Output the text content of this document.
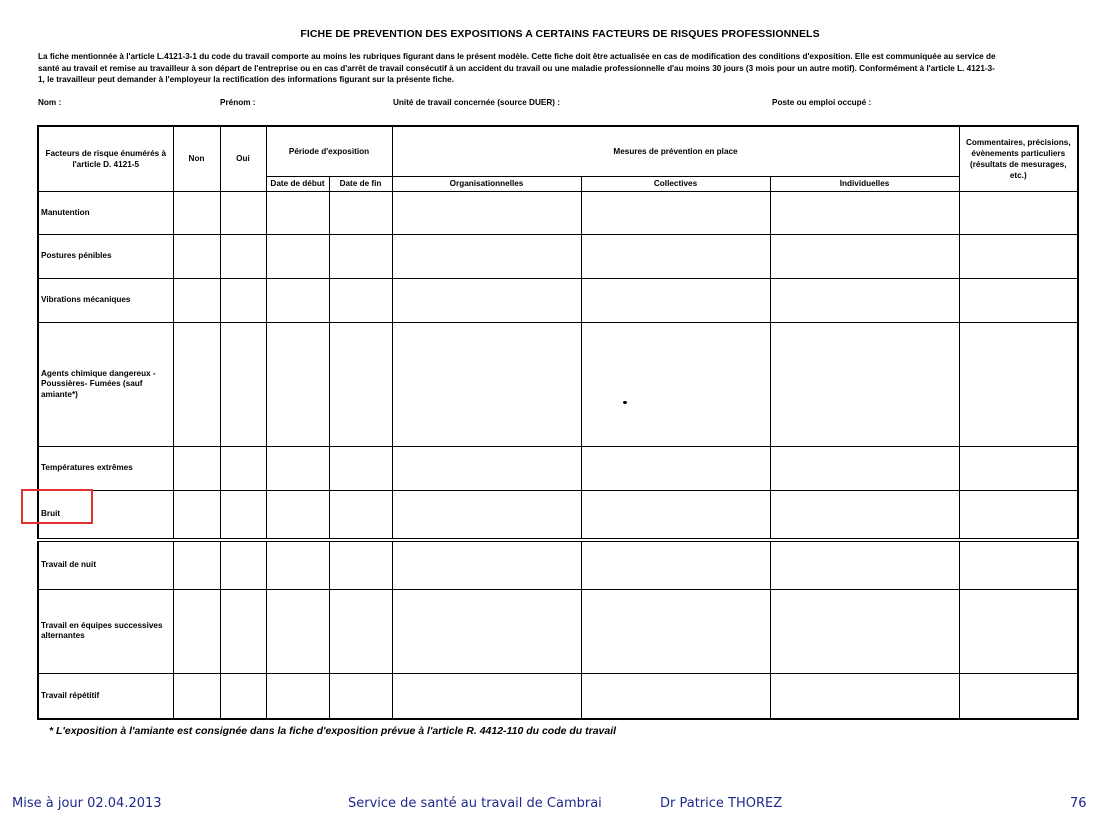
FICHE DE PREVENTION DES EXPOSITIONS A CERTAINS FACTEURS DE RISQUES PROFESSIONNELS
La fiche mentionnée à l'article L.4121-3-1 du code du travail comporte au moins les rubriques figurant dans le présent modèle. Cette fiche doit être actualisée en cas de modification des conditions d'exposition. Elle est communiquée au service de
santé au travail et remise au travailleur à son départ de l'entreprise ou en cas d'arrêt de travail consécutif à un accident du travail ou une maladie professionnelle d'au moins 30 jours (3 mois pour un autre motif). Conformément à l'article L. 4121-3-
1, le travailleur peut demander à l'employeur la rectification des informations figurant sur la présente fiche.
Nom :	Prénom :	Unité de travail concernée (source DUER) :	Poste ou emploi occupé :
Facteurs de risque énumérés à l'article D. 4121-5	Non	Oui	Période d'exposition		Mesures de prévention en place			Commentaires, précisions, évènements particuliers (résultats de mesurages, etc.)
			Date de début	Date de fin	Organisationnelles	Collectives	Individuelles	
Manutention								
Postures pénibles								
Vibrations mécaniques								
Agents chimique dangereux - Poussières- Fumées (sauf amiante*)								
Températures extrêmes								
Bruit								
Travail de nuit								
Travail en équipes successives alternantes								
Travail répétitif								
* L'exposition à l'amiante est consignée dans la fiche d'exposition prévue à l'article R. 4412-110 du code du travail
Mise à jour 02.04.2013	Service de santé au travail de Cambrai	Dr Patrice THOREZ	76
